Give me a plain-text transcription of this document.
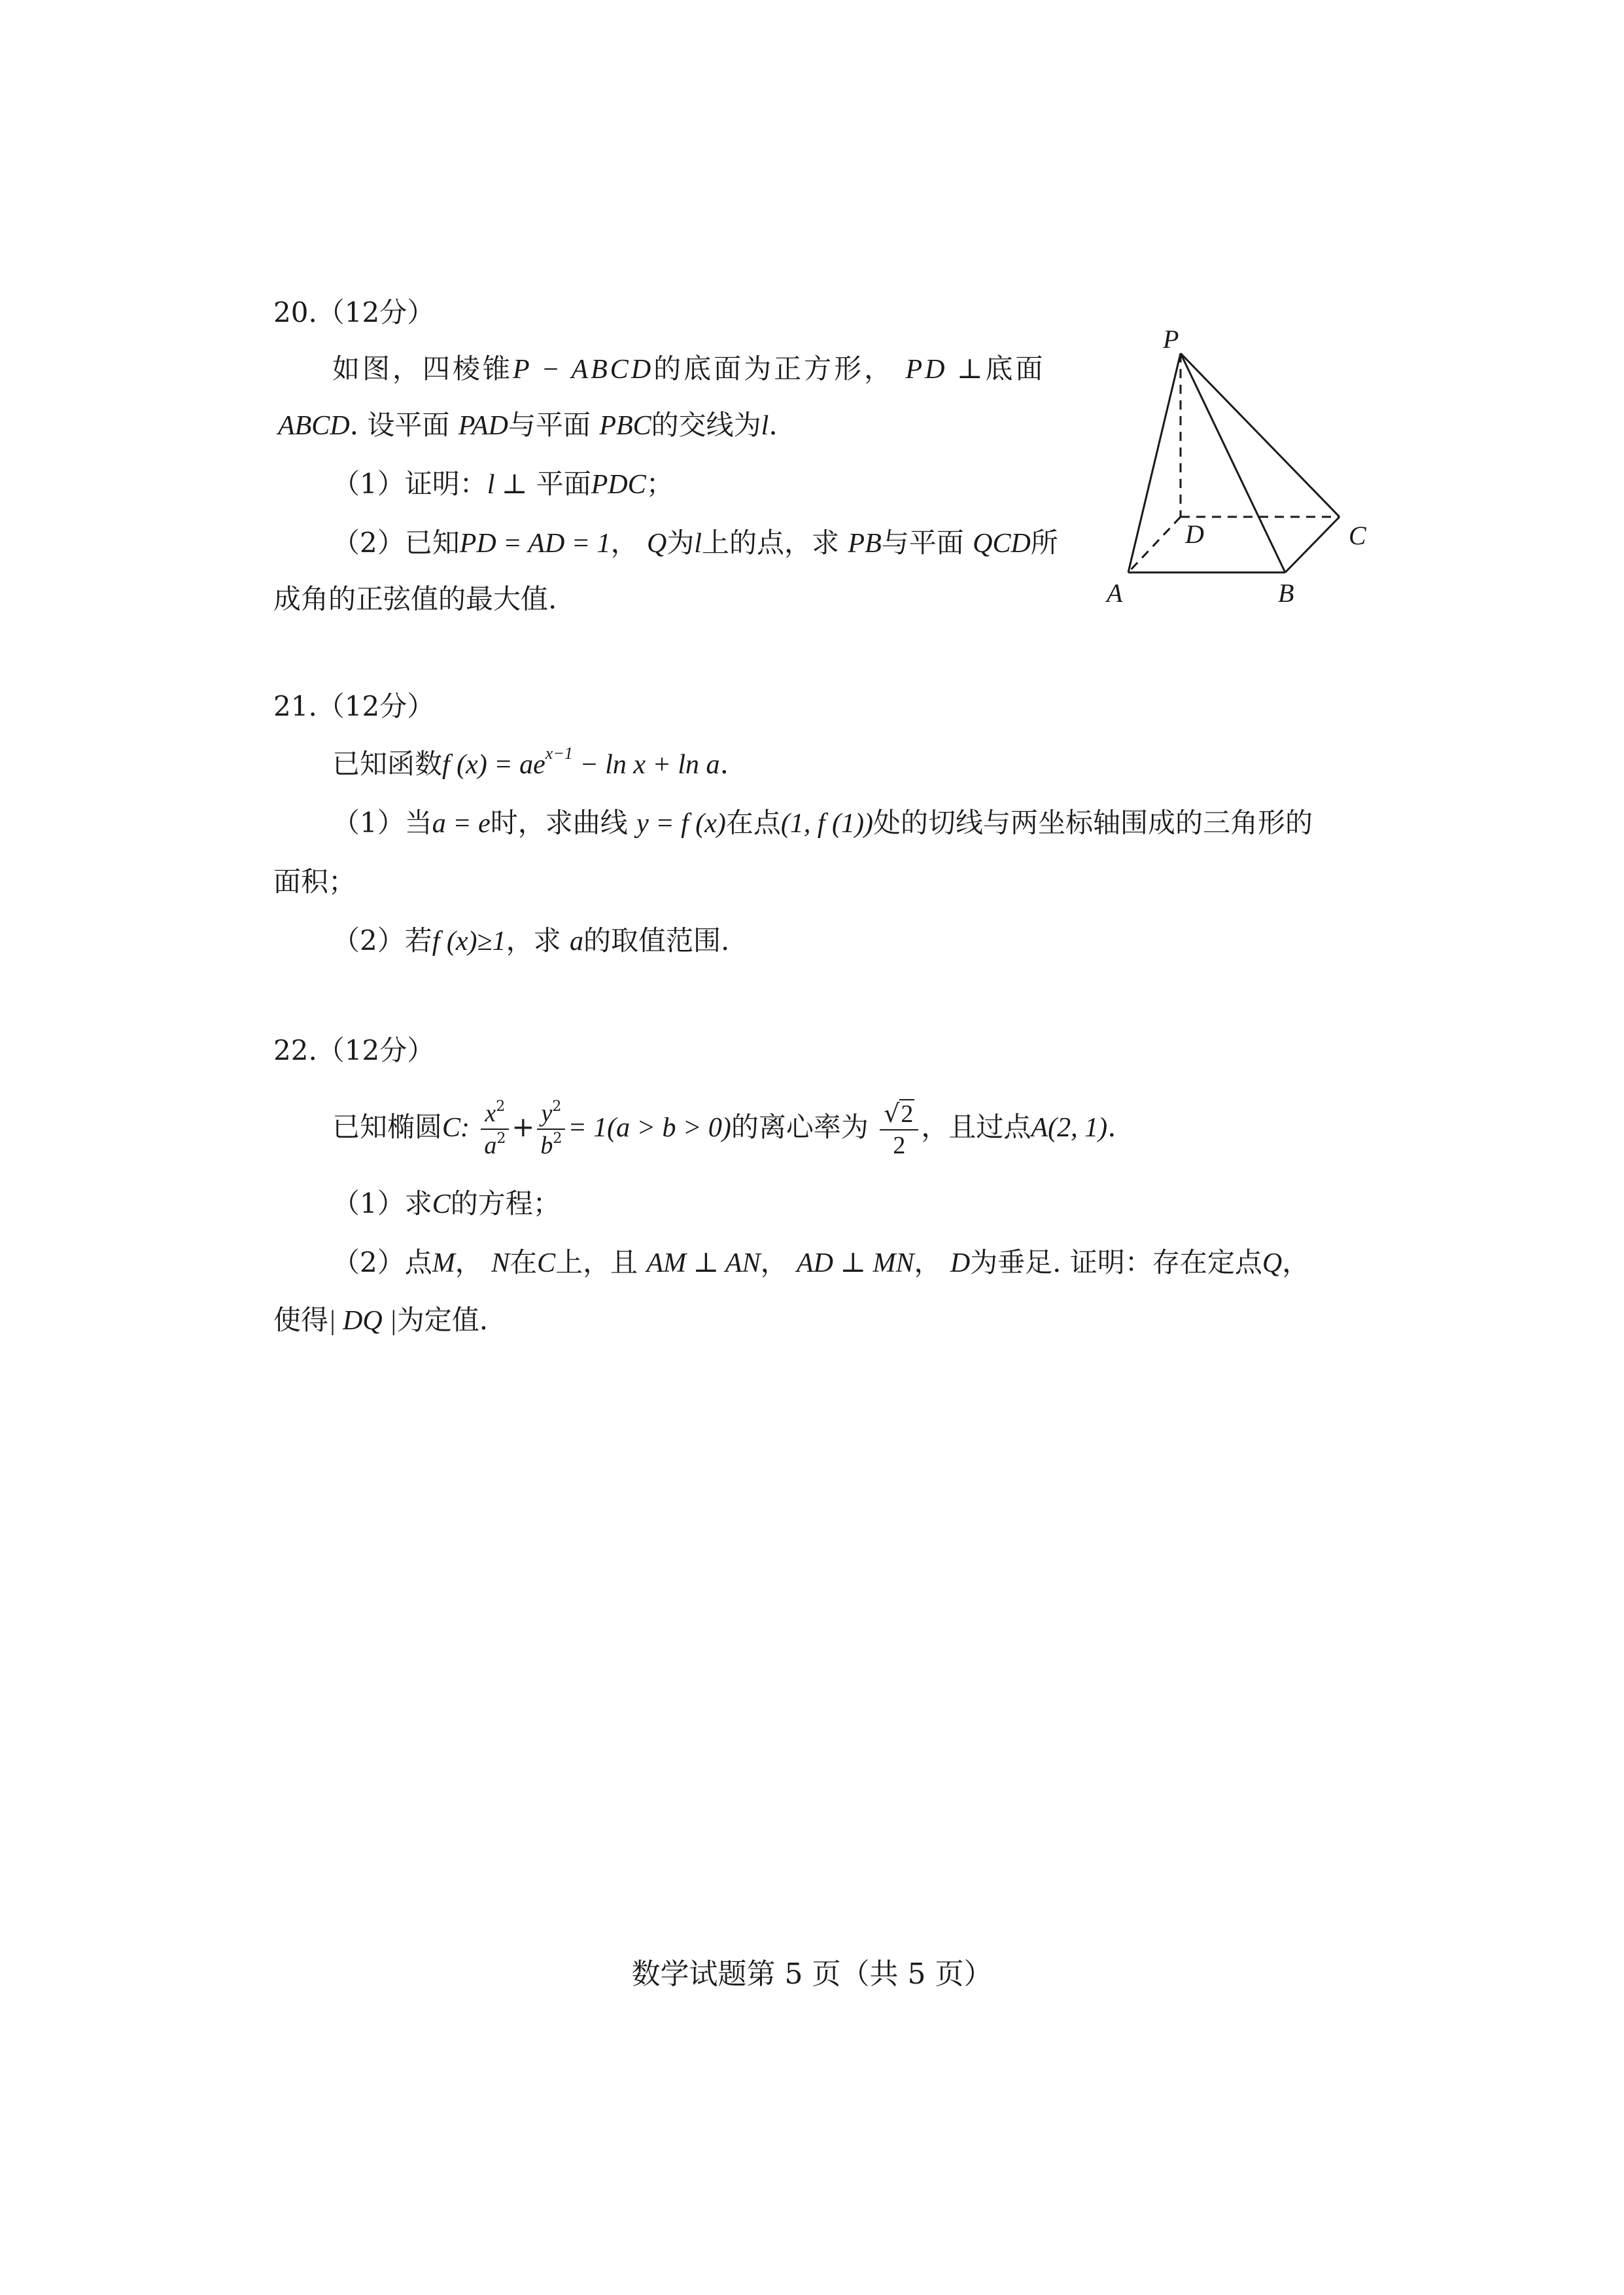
20.（12分）
如图，四棱锥P − ABCD的底面为正方形， PD ⊥底面
ABCD. 设平面 PAD与平面 PBC的交线为l.
（1）证明：l ⊥ 平面PDC；
（2）已知PD = AD = 1， Q为l上的点，求 PB与平面 QCD所
成角的正弦值的最大值.
P
D	C
A	B
21.（12分）
已知函数f $(x) = ae^{x-1} - \ln x + \ln a$.
（1）当a = e时，求曲线 y = f (x)在点(1, f (1))处的切线与两坐标轴围成的三角形的
面积；
（2）若f (x)≥1，求 a的取值范围.
22.（12分）
已知椭圆C: $\frac{x^2}{a^2} + \frac{y^2}{b^2} = 1(a > b > 0)$的离心率为 $\frac{√2}{2}$ ，且过点A(2, 1).
（1）求C的方程；
（2）点M， N在C上，且 AM ⊥ AN， AD ⊥ MN， D为垂足. 证明：存在定点Q，
使得| DQ |为定值.
数学试题第 5 页（共 5 页）
